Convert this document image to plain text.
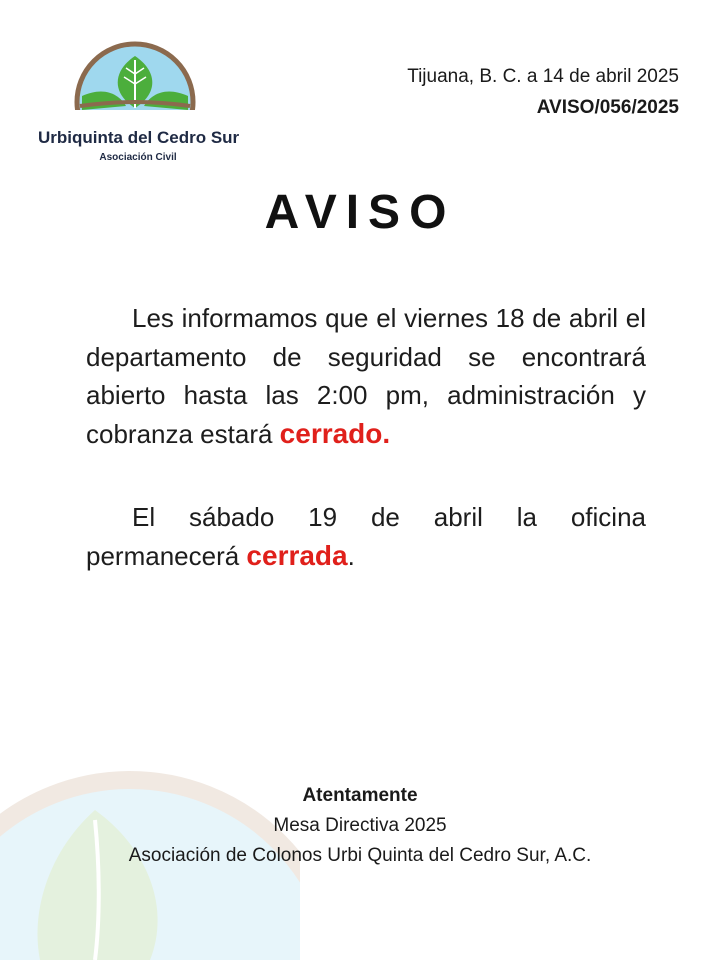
Urbiquinta del Cedro Sur
Asociación Civil
Tijuana, B. C. a 14 de abril 2025
AVISO/056/2025
AVISO
Les informamos que el viernes 18 de abril el departamento de seguridad se encontrará abierto hasta las 2:00 pm, administración y cobranza estará cerrado.
El sábado 19 de abril la oficina permanecerá cerrada.
Atentamente
Mesa Directiva 2025
Asociación de Colonos Urbi Quinta del Cedro Sur, A.C.
